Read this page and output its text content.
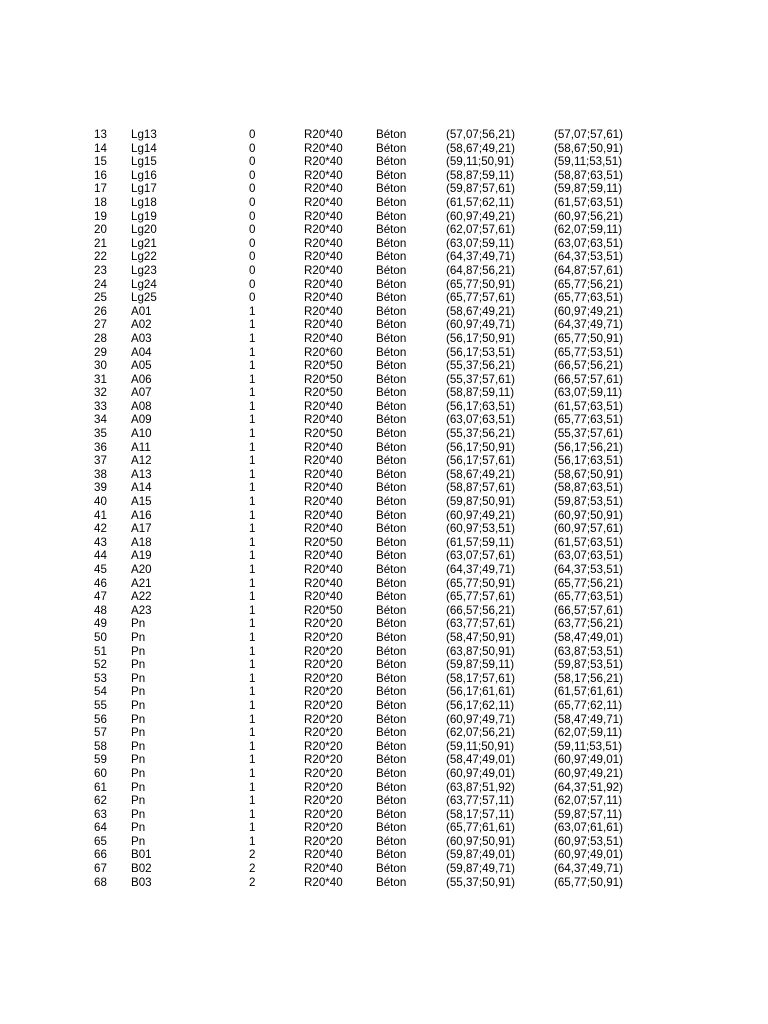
13 Lg13	0	R20*40	Béton	(57,07;56,21)	(57,07;57,61)
14 Lg14	0	R20*40	Béton	(58,67;49,21)	(58,67;50,91)
15 Lg15	0	R20*40	Béton	(59,11;50,91)	(59,11;53,51)
16 Lg16	0	R20*40	Béton	(58,87;59,11)	(58,87;63,51)
17 Lg17	0	R20*40	Béton	(59,87;57,61)	(59,87;59,11)
18 Lg18	0	R20*40	Béton	(61,57;62,11)	(61,57;63,51)
19 Lg19	0	R20*40	Béton	(60,97;49,21)	(60,97;56,21)
20 Lg20	0	R20*40	Béton	(62,07;57,61)	(62,07;59,11)
21 Lg21	0	R20*40	Béton	(63,07;59,11)	(63,07;63,51)
22 Lg22	0	R20*40	Béton	(64,37;49,71)	(64,37;53,51)
23 Lg23	0	R20*40	Béton	(64,87;56,21)	(64,87;57,61)
24 Lg24	0	R20*40	Béton	(65,77;50,91)	(65,77;56,21)
25 Lg25	0	R20*40	Béton	(65,77;57,61)	(65,77;63,51)
26 A01	1	R20*40	Béton	(58,67;49,21)	(60,97;49,21)
27 A02	1	R20*40	Béton	(60,97;49,71)	(64,37;49,71)
28 A03	1	R20*40	Béton	(56,17;50,91)	(65,77;50,91)
29 A04	1	R20*60	Béton	(56,17;53,51)	(65,77;53,51)
30 A05	1	R20*50	Béton	(55,37;56,21)	(66,57;56,21)
31 A06	1	R20*50	Béton	(55,37;57,61)	(66,57;57,61)
32 A07	1	R20*50	Béton	(58,87;59,11)	(63,07;59,11)
33 A08	1	R20*40	Béton	(56,17;63,51)	(61,57;63,51)
34 A09	1	R20*40	Béton	(63,07;63,51)	(65,77;63,51)
35 A10	1	R20*50	Béton	(55,37;56,21)	(55,37;57,61)
36 A11	1	R20*40	Béton	(56,17;50,91)	(56,17;56,21)
37 A12	1	R20*40	Béton	(56,17;57,61)	(56,17;63,51)
38 A13	1	R20*40	Béton	(58,67;49,21)	(58,67;50,91)
39 A14	1	R20*40	Béton	(58,87;57,61)	(58,87;63,51)
40 A15	1	R20*40	Béton	(59,87;50,91)	(59,87;53,51)
41 A16	1	R20*40	Béton	(60,97;49,21)	(60,97;50,91)
42 A17	1	R20*40	Béton	(60,97;53,51)	(60,97;57,61)
43 A18	1	R20*50	Béton	(61,57;59,11)	(61,57;63,51)
44 A19	1	R20*40	Béton	(63,07;57,61)	(63,07;63,51)
45 A20	1	R20*40	Béton	(64,37;49,71)	(64,37;53,51)
46 A21	1	R20*40	Béton	(65,77;50,91)	(65,77;56,21)
47 A22	1	R20*40	Béton	(65,77;57,61)	(65,77;63,51)
48 A23	1	R20*50	Béton	(66,57;56,21)	(66,57;57,61)
49 Pn	1	R20*20	Béton	(63,77;57,61)	(63,77;56,21)
50 Pn	1	R20*20	Béton	(58,47;50,91)	(58,47;49,01)
51 Pn	1	R20*20	Béton	(63,87;50,91)	(63,87;53,51)
52 Pn	1	R20*20	Béton	(59,87;59,11)	(59,87;53,51)
53 Pn	1	R20*20	Béton	(58,17;57,61)	(58,17;56,21)
54 Pn	1	R20*20	Béton	(56,17;61,61)	(61,57;61,61)
55 Pn	1	R20*20	Béton	(56,17;62,11)	(65,77;62,11)
56 Pn	1	R20*20	Béton	(60,97;49,71)	(58,47;49,71)
57 Pn	1	R20*20	Béton	(62,07;56,21)	(62,07;59,11)
58 Pn	1	R20*20	Béton	(59,11;50,91)	(59,11;53,51)
59 Pn	1	R20*20	Béton	(58,47;49,01)	(60,97;49,01)
60 Pn	1	R20*20	Béton	(60,97;49,01)	(60,97;49,21)
61 Pn	1	R20*20	Béton	(63,87;51,92)	(64,37;51,92)
62 Pn	1	R20*20	Béton	(63,77;57,11)	(62,07;57,11)
63 Pn	1	R20*20	Béton	(58,17;57,11)	(59,87;57,11)
64 Pn	1	R20*20	Béton	(65,77;61,61)	(63,07;61,61)
65 Pn	1	R20*20	Béton	(60,97;50,91)	(60,97;53,51)
66 B01	2	R20*40	Béton	(59,87;49,01)	(60,97;49,01)
67 B02	2	R20*40	Béton	(59,87;49,71)	(64,37;49,71)
68 B03	2	R20*40	Béton	(55,37;50,91)	(65,77;50,91)
